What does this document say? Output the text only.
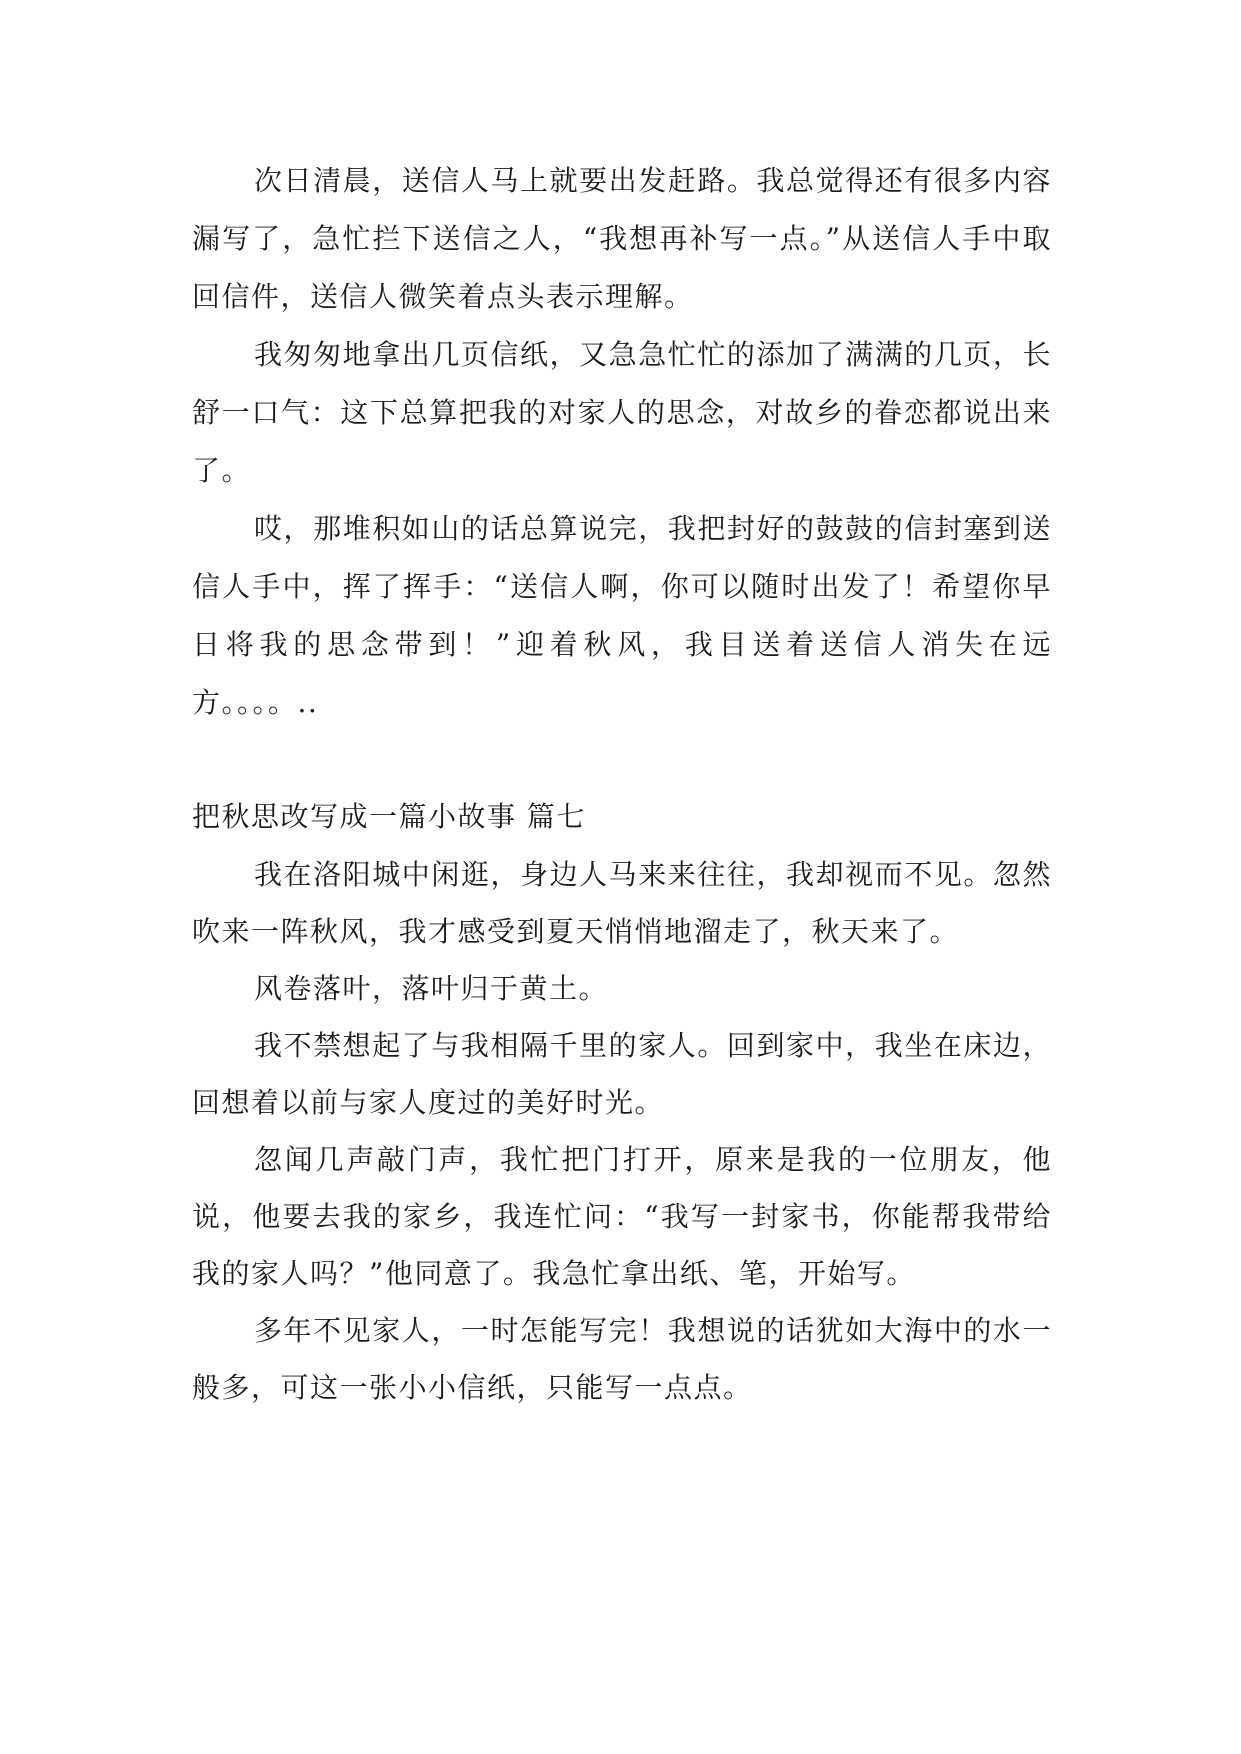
次日清晨，送信人马上就要出发赶路。我总觉得还有很多内容漏写了，急忙拦下送信之人，“我想再补写一点。”从送信人手中取回信件，送信人微笑着点头表示理解。

我匆匆地拿出几页信纸，又急急忙忙的添加了满满的几页，长舒一口气：这下总算把我的对家人的思念，对故乡的眷恋都说出来了。

哎，那堆积如山的话总算说完，我把封好的鼓鼓的信封塞到送信人手中，挥了挥手：“送信人啊，你可以随时出发了！希望你早日将我的思念带到！”迎着秋风，我目送着送信人消失在远方。。。。..

把秋思改写成一篇小故事 篇七

我在洛阳城中闲逛，身边人马来来往往，我却视而不见。忽然吹来一阵秋风，我才感受到夏天悄悄地溜走了，秋天来了。

风卷落叶，落叶归于黄土。

我不禁想起了与我相隔千里的家人。回到家中，我坐在床边，回想着以前与家人度过的美好时光。

忽闻几声敲门声，我忙把门打开，原来是我的一位朋友，他说，他要去我的家乡，我连忙问：“我写一封家书，你能帮我带给我的家人吗？”他同意了。我急忙拿出纸、笔，开始写。

多年不见家人，一时怎能写完！我想说的话犹如大海中的水一般多，可这一张小小信纸，只能写一点点。
